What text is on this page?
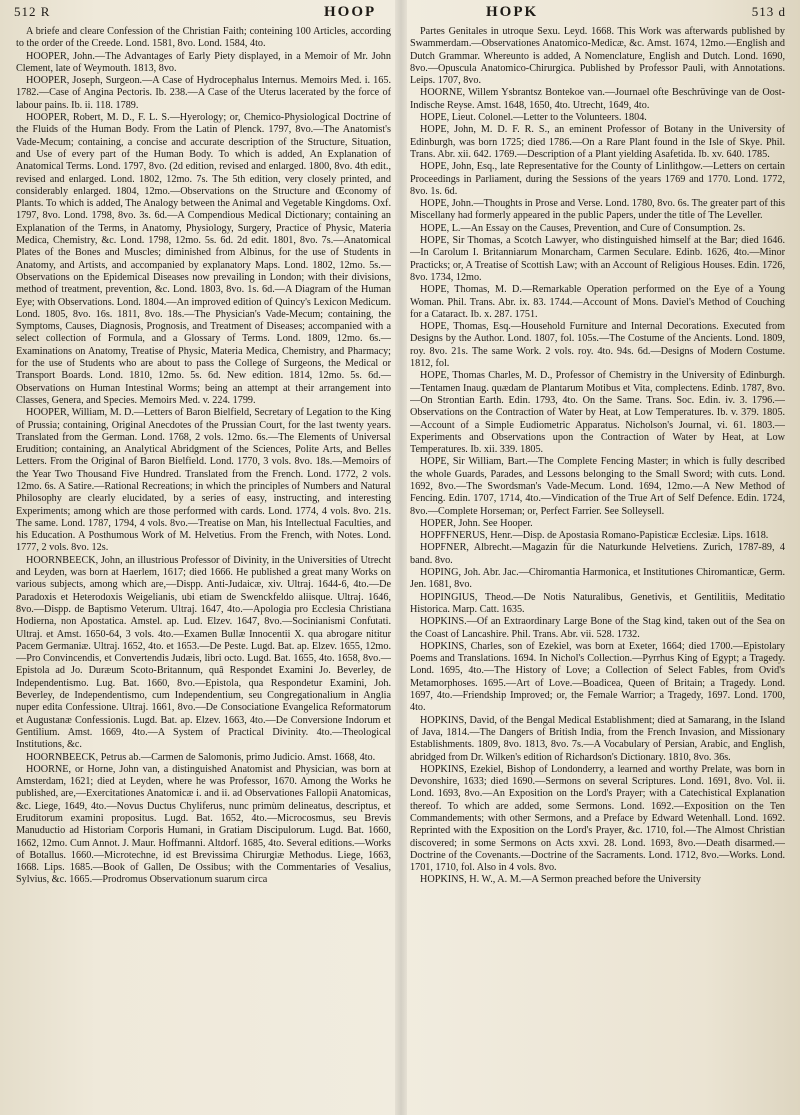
512 R	HOOP	HOPK	513 d

A briefe and cleare Confession of the Christian Faith; conteining 100 Articles, according to the order of the Creede. Lond. 1581, 8vo. Lond. 1584, 4to.

HOOPER, John.—The Advantages of Early Piety displayed, in a Memoir of Mr. John Clement, late of Weymouth. 1813, 8vo.

HOOPER, Joseph, Surgeon.—A Case of Hydrocephalus Internus. Memoirs Med. i. 165. 1782.—Case of Angina Pectoris. Ib. 238.—A Case of the Uterus lacerated by the force of labour pains. Ib. ii. 118. 1789.

HOOPER, Robert, M. D., F. L. S.—Hyerology; or, Chemico-Physiological Doctrine of the Fluids of the Human Body. From the Latin of Plenck. 1797, 8vo.—The Anatomist's Vade-Mecum; containing, a concise and accurate description of the Structure, Situation, and Use of every part of the Human Body. To which is added, An Explanation of Anatomical Terms. Lond. 1797, 8vo. (2d edition, revised and enlarged. 1800, 8vo. 4th edit., revised and enlarged. Lond. 1802, 12mo. 7s. The 5th edition, very closely printed, and considerably enlarged. 1804, 12mo.—Observations on the Structure and Œconomy of Plants. To which is added, The Analogy between the Animal and Vegetable Kingdoms. Oxf. 1797, 8vo. Lond. 1798, 8vo. 3s. 6d.—A Compendious Medical Dictionary; containing an Explanation of the Terms, in Anatomy, Physiology, Surgery, Practice of Physic, Materia Medica, Chemistry, &c. Lond. 1798, 12mo. 5s. 6d. 2d edit. 1801, 8vo. 7s.—Anatomical Plates of the Bones and Muscles; diminished from Albinus, for the use of Students in Anatomy, and Artists, and accompanied by explanatory Maps. Lond. 1802, 12mo. 5s.—Observations on the Epidemical Diseases now prevailing in London; with their divisions, method of treatment, prevention, &c. Lond. 1803, 8vo. 1s. 6d.—A Diagram of the Human Eye; with Observations. Lond. 1804.—An improved edition of Quincy's Lexicon Medicum. Lond. 1805, 8vo. 16s. 1811, 8vo. 18s.—The Physician's Vade-Mecum; containing, the Symptoms, Causes, Diagnosis, Prognosis, and Treatment of Diseases; accompanied with a select collection of Formula, and a Glossary of Terms. Lond. 1809, 12mo. 6s.—Examinations on Anatomy, Treatise of Physic, Materia Medica, Chemistry, and Pharmacy; for the use of Students who are about to pass the College of Surgeons, the Medical or Transport Boards. Lond. 1810, 12mo. 5s. 6d. New edition. 1814, 12mo. 5s. 6d.—Observations on Human Intestinal Worms; being an attempt at their arrangement into Classes, Genera, and Species. Memoirs Med. v. 224. 1799.

HOOPER, William, M. D.—Letters of Baron Bielfield, Secretary of Legation to the King of Prussia; containing, Original Anecdotes of the Prussian Court, for the last twenty years. Translated from the German. Lond. 1768, 2 vols. 12mo. 6s.—The Elements of Universal Erudition; containing, an Analytical Abridgment of the Sciences, Polite Arts, and Belles Letters. From the Original of Baron Bielfield. Lond. 1770, 3 vols. 8vo. 18s.—Memoirs of the Year Two Thousand Five Hundred. Translated from the French. Lond. 1772, 2 vols. 12mo. 6s. A Satire.—Rational Recreations; in which the principles of Numbers and Natural Philosophy are clearly elucidated, by a series of easy, instructing, and interesting Experiments; among which are those performed with cards. Lond. 1774, 4 vols. 8vo. 21s. The same. Lond. 1787, 1794, 4 vols. 8vo.—Treatise on Man, his Intellectual Faculties, and his Education. A Posthumous Work of M. Helvetius. From the French, with Notes. Lond. 1777, 2 vols. 8vo. 12s.

HOORNBEECK, John, an illustrious Professor of Divinity, in the Universities of Utrecht and Leyden, was born at Haerlem, 1617; died 1666. He published a great many Works on various subjects, among which are,—Dispp. Anti-Judaicæ, xiv. Ultraj. 1644-6, 4to.—De Paradoxis et Heterodoxis Weigelianis, ubi etiam de Swenckfeldo aliisque. Ultraj. 1646, 8vo.—Dispp. de Baptismo Veterum. Ultraj. 1647, 4to.—Apologia pro Ecclesia Christiana Hodierna, non Apostatica. Amstel. ap. Lud. Elzev. 1647, 8vo.—Socinianismi Confutati. Ultraj. et Amst. 1650-64, 3 vols. 4to.—Examen Bullæ Innocentii X. qua abrogare nititur Pacem Germaniæ. Ultraj. 1652, 4to. et 1653.—De Peste. Lugd. Bat. ap. Elzev. 1655, 12mo.—Pro Convincendis, et Convertendis Judæis, libri octo. Lugd. Bat. 1655, 4to. 1658, 8vo.—Epistola ad Jo. Duræum Scoto-Britannum, quâ Respondet Examini Jo. Beverley, de Independentismo. Lug. Bat. 1660, 8vo.—Epistola, qua Respondetur Examini, Joh. Beverley, de Independentismo, cum Independentium, seu Congregationalium in Anglia nuper edita Confessione. Ultraj. 1661, 8vo.—De Consociatione Evangelica Reformatorum et Augustanæ Confessionis. Lugd. Bat. ap. Elzev. 1663, 4to.—De Conversione Indorum et Gentilium. Amst. 1669, 4to.—A System of Practical Divinity. 4to.—Theological Institutions, &c.

HOORNBEECK, Petrus ab.—Carmen de Salomonis, primo Judicio. Amst. 1668, 4to.

HOORNE, or Horne, John van, a distinguished Anatomist and Physician, was born at Amsterdam, 1621; died at Leyden, where he was Professor, 1670. Among the Works he published, are,—Exercitationes Anatomicæ i. and ii. ad Observationes Fallopii Anatomicas, &c. Liege, 1649, 4to.—Novus Ductus Chyliferus, nunc primùm delineatus, descriptus, et Eruditorum examini propositus. Lugd. Bat. 1652, 4to.—Microcosmus, seu Brevis Manuductio ad Historiam Corporis Humani, in Gratiam Discipulorum. Lugd. Bat. 1660, 1662, 12mo. Cum Annot. J. Maur. Hoffmanni. Altdorf. 1685, 4to. Several editions.—Works of Botallus. 1660.—Microtechne, id est Brevissima Chirurgiæ Methodus. Liege, 1663, 1668. Lips. 1685.—Book of Gallen, De Ossibus; with the Commentaries of Vesalius, Sylvius, &c. 1665.—Prodromus Observationum suarum circa

Partes Genitales in utroque Sexu. Leyd. 1668. This Work was afterwards published by Swammerdam.—Observationes Anatomico-Medicæ, &c. Amst. 1674, 12mo.—English and Dutch Grammar. Whereunto is added, A Nomenclature, English and Dutch. Lond. 1690, 8vo.—Opuscula Anatomico-Chirurgica. Published by Professor Pauli, with Annotations. Leips. 1707, 8vo.

HOORNE, Willem Ysbrantsz Bontekoe van.—Journael ofte Beschrüvinge van de Oost-Indische Reyse. Amst. 1648, 1650, 4to. Utrecht, 1649, 4to.

HOPE, Lieut. Colonel.—Letter to the Volunteers. 1804.

HOPE, John, M. D. F. R. S., an eminent Professor of Botany in the University of Edinburgh, was born 1725; died 1786.—On a Rare Plant found in the Isle of Skye. Phil. Trans. Abr. xii. 642. 1769.—Description of a Plant yielding Asafetida. Ib. xv. 640. 1785.

HOPE, John, Esq., late Representative for the County of Linlithgow.—Letters on certain Proceedings in Parliament, during the Sessions of the years 1769 and 1770. Lond. 1772, 8vo. 1s. 6d.

HOPE, John.—Thoughts in Prose and Verse. Lond. 1780, 8vo. 6s. The greater part of this Miscellany had formerly appeared in the public Papers, under the title of The Leveller.

HOPE, L.—An Essay on the Causes, Prevention, and Cure of Consumption. 2s.

HOPE, Sir Thomas, a Scotch Lawyer, who distinguished himself at the Bar; died 1646.—In Carolum I. Britanniarum Monarcham, Carmen Seculare. Edinb. 1626, 4to.—Minor Practicks; or, A Treatise of Scottish Law; with an Account of Religious Houses. Edin. 1726, 8vo. 1734, 12mo.

HOPE, Thomas, M. D.—Remarkable Operation performed on the Eye of a Young Woman. Phil. Trans. Abr. ix. 83. 1744.—Account of Mons. Daviel's Method of Couching for a Cataract. Ib. x. 287. 1751.

HOPE, Thomas, Esq.—Household Furniture and Internal Decorations. Executed from Designs by the Author. Lond. 1807, fol. 105s.—The Costume of the Ancients. Lond. 1809, roy. 8vo. 21s. The same Work. 2 vols. roy. 4to. 94s. 6d.—Designs of Modern Costume. 1812, fol.

HOPE, Thomas Charles, M. D., Professor of Chemistry in the University of Edinburgh.—Tentamen Inaug. quædam de Plantarum Motibus et Vita, complectens. Edinb. 1787, 8vo.—On Strontian Earth. Edin. 1793, 4to. On the Same. Trans. Soc. Edin. iv. 3. 1796.—Observations on the Contraction of Water by Heat, at Low Temperatures. Ib. v. 379. 1805.—Account of a Simple Eudiometric Apparatus. Nicholson's Journal, vi. 61. 1803.—Experiments and Observations upon the Contraction of Water by Heat, at Low Temperatures. Ib. xii. 339. 1805.

HOPE, Sir William, Bart.—The Complete Fencing Master; in which is fully described the whole Guards, Parades, and Lessons belonging to the Small Sword; with cuts. Lond. 1692, 8vo.—The Swordsman's Vade-Mecum. Lond. 1694, 12mo.—A New Method of Fencing. Edin. 1707, 1714, 4to.—Vindication of the True Art of Self Defence. Edin. 1724, 8vo.—Complete Horseman; or, Perfect Farrier. See Solleysell.

HOPER, John. See Hooper.

HOPFFNERUS, Henr.—Disp. de Apostasia Romano-Papisticæ Ecclesiæ. Lips. 1618.

HOPFNER, Albrecht.—Magazin für die Naturkunde Helvetiens. Zurich, 1787-89, 4 band. 8vo.

HOPING, Joh. Abr. Jac.—Chiromantia Harmonica, et Institutiones Chiromanticæ, Germ. Jen. 1681, 8vo.

HOPINGIUS, Theod.—De Notis Naturalibus, Genetivis, et Gentilitiis, Meditatio Historica. Marp. Catt. 1635.

HOPKINS.—Of an Extraordinary Large Bone of the Stag kind, taken out of the Sea on the Coast of Lancashire. Phil. Trans. Abr. vii. 528. 1732.

HOPKINS, Charles, son of Ezekiel, was born at Exeter, 1664; died 1700.—Epistolary Poems and Translations. 1694. In Nichol's Collection.—Pyrrhus King of Egypt; a Tragedy. Lond. 1695, 4to.—The History of Love; a Collection of Select Fables, from Ovid's Metamorphoses. 1695.—Art of Love.—Boadicea, Queen of Britain; a Tragedy. Lond. 1697, 4to.—Friendship Improved; or, the Female Warrior; a Tragedy, 1697. Lond. 1700, 4to.

HOPKINS, David, of the Bengal Medical Establishment; died at Samarang, in the Island of Java, 1814.—The Dangers of British India, from the French Invasion, and Missionary Establishments. 1809, 8vo. 1813, 8vo. 7s.—A Vocabulary of Persian, Arabic, and English, abridged from Dr. Wilken's edition of Richardson's Dictionary. 1810, 8vo. 36s.

HOPKINS, Ezekiel, Bishop of Londonderry, a learned and worthy Prelate, was born in Devonshire, 1633; died 1690.—Sermons on several Scriptures. Lond. 1691, 8vo. Vol. ii. Lond. 1693, 8vo.—An Exposition on the Lord's Prayer; with a Catechistical Explanation thereof. To which are added, some Sermons. Lond. 1692.—Exposition on the Ten Commandements; with other Sermons, and a Preface by Edward Wetenhall. Lond. 1692. Reprinted with the Exposition on the Lord's Prayer, &c. 1710, fol.—The Almost Christian discovered; in some Sermons on Acts xxvi. 28. Lond. 1693, 8vo.—Death disarmed.—Doctrine of the Covenants.—Doctrine of the Sacraments. Lond. 1712, 8vo.—Works. Lond. 1701, 1710, fol. Also in 4 vols. 8vo.

HOPKINS, H. W., A. M.—A Sermon preached before the University
